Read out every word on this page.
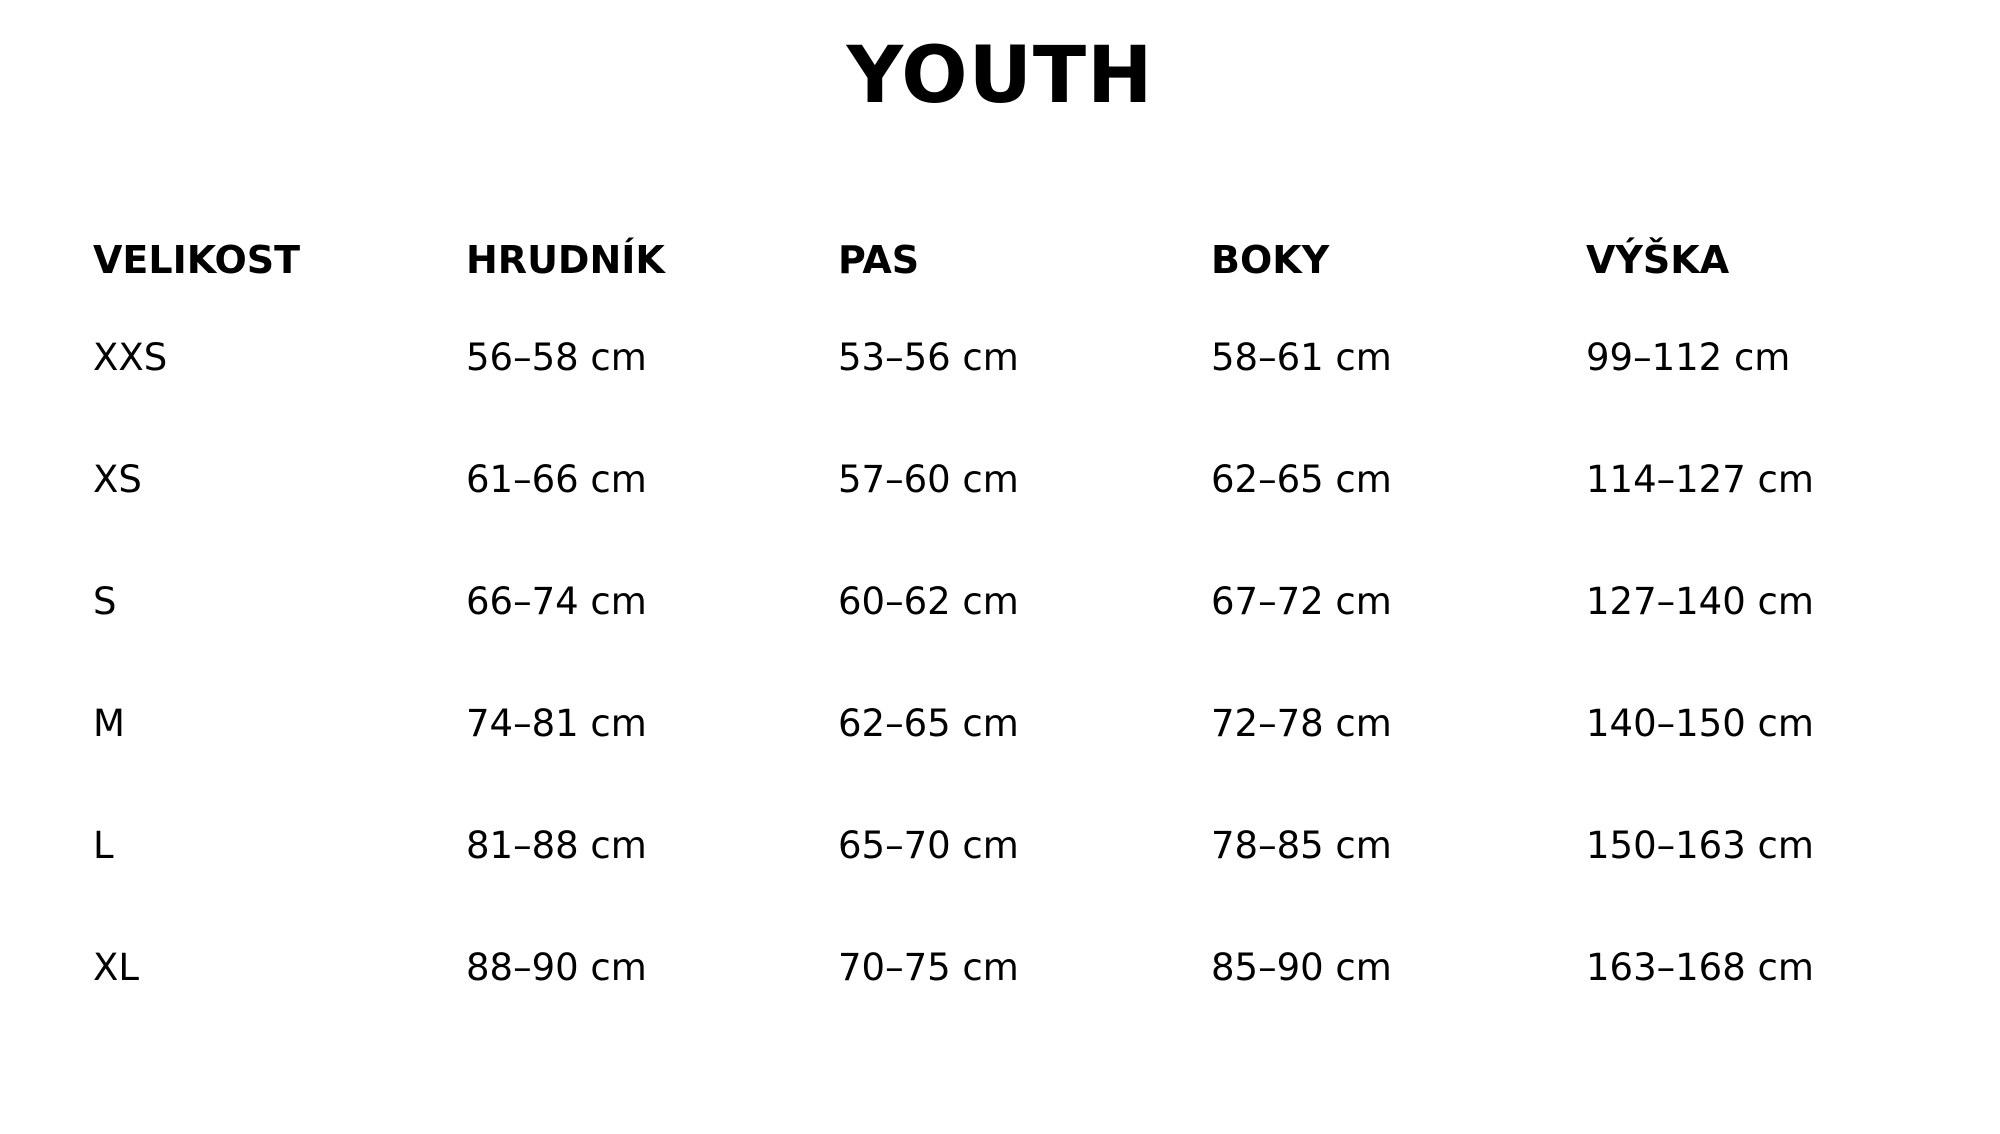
YOUTH
VELIKOST	HRUDNÍK	PAS	BOKY	VÝŠKA
XXS	56–58 cm	53–56 cm	58–61 cm	99–112 cm
XS	61–66 cm	57–60 cm	62–65 cm	114–127 cm
S	66–74 cm	60–62 cm	67–72 cm	127–140 cm
M	74–81 cm	62–65 cm	72–78 cm	140–150 cm
L	81–88 cm	65–70 cm	78–85 cm	150–163 cm
XL	88–90 cm	70–75 cm	85–90 cm	163–168 cm
